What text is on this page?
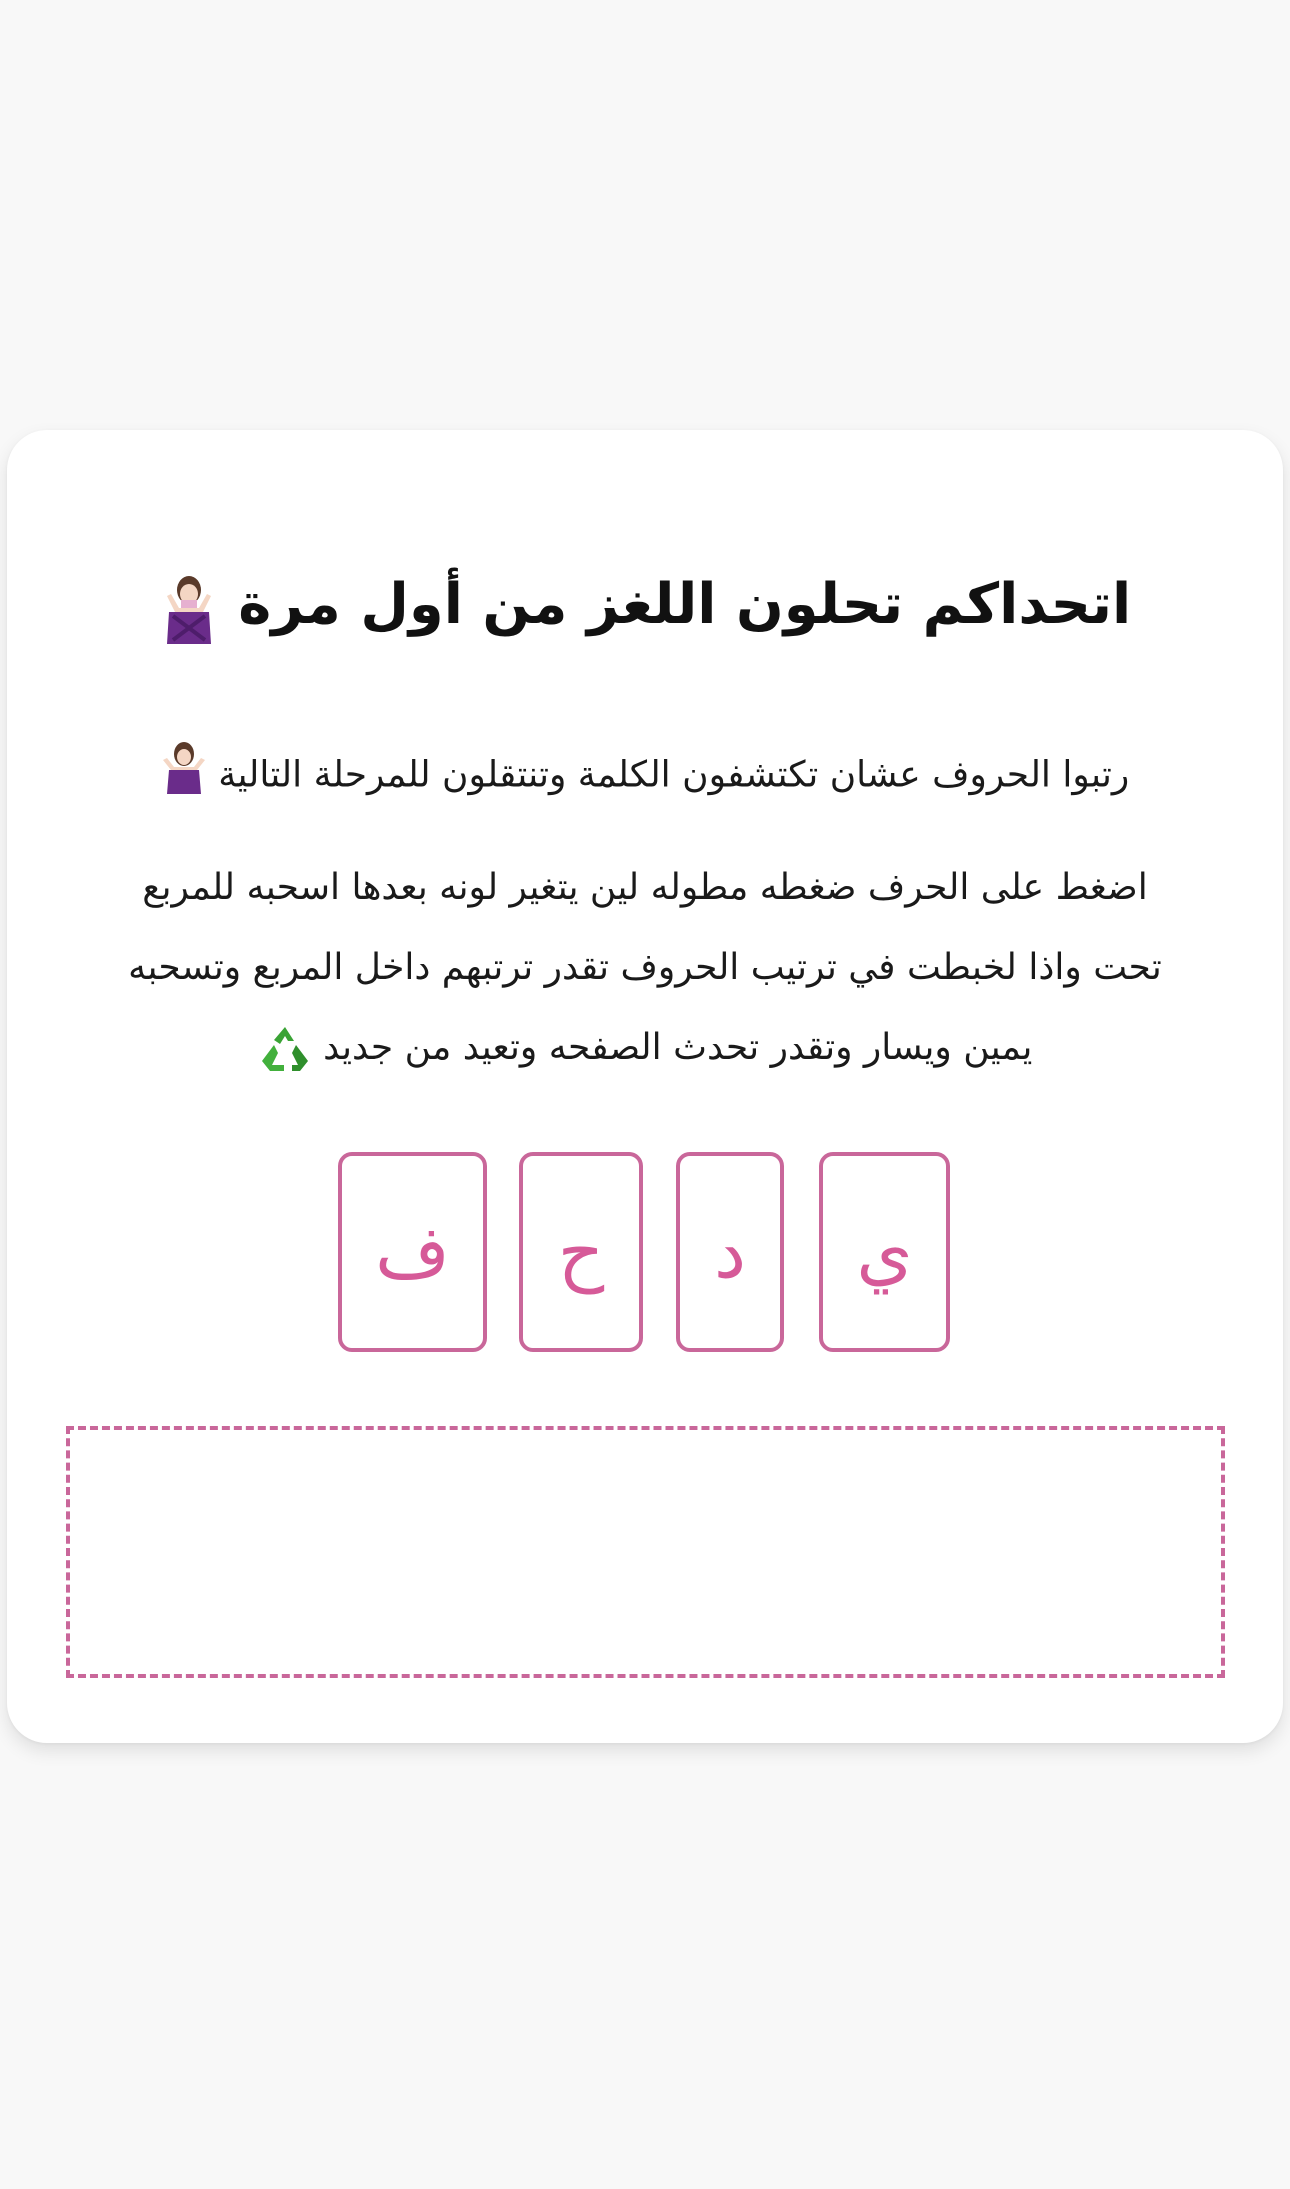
اتحداكم تحلون اللغز من أول مرة
رتبوا الحروف عشان تكتشفون الكلمة وتنتقلون للمرحلة التالية
اضغط على الحرف ضغطه مطوله لين يتغير لونه بعدها اسحبه للمربع
تحت واذا لخبطت في ترتيب الحروف تقدر ترتبهم داخل المربع وتسحبه
يمين ويسار وتقدر تحدث الصفحه وتعيد من جديد
ف	ح	د	ي
